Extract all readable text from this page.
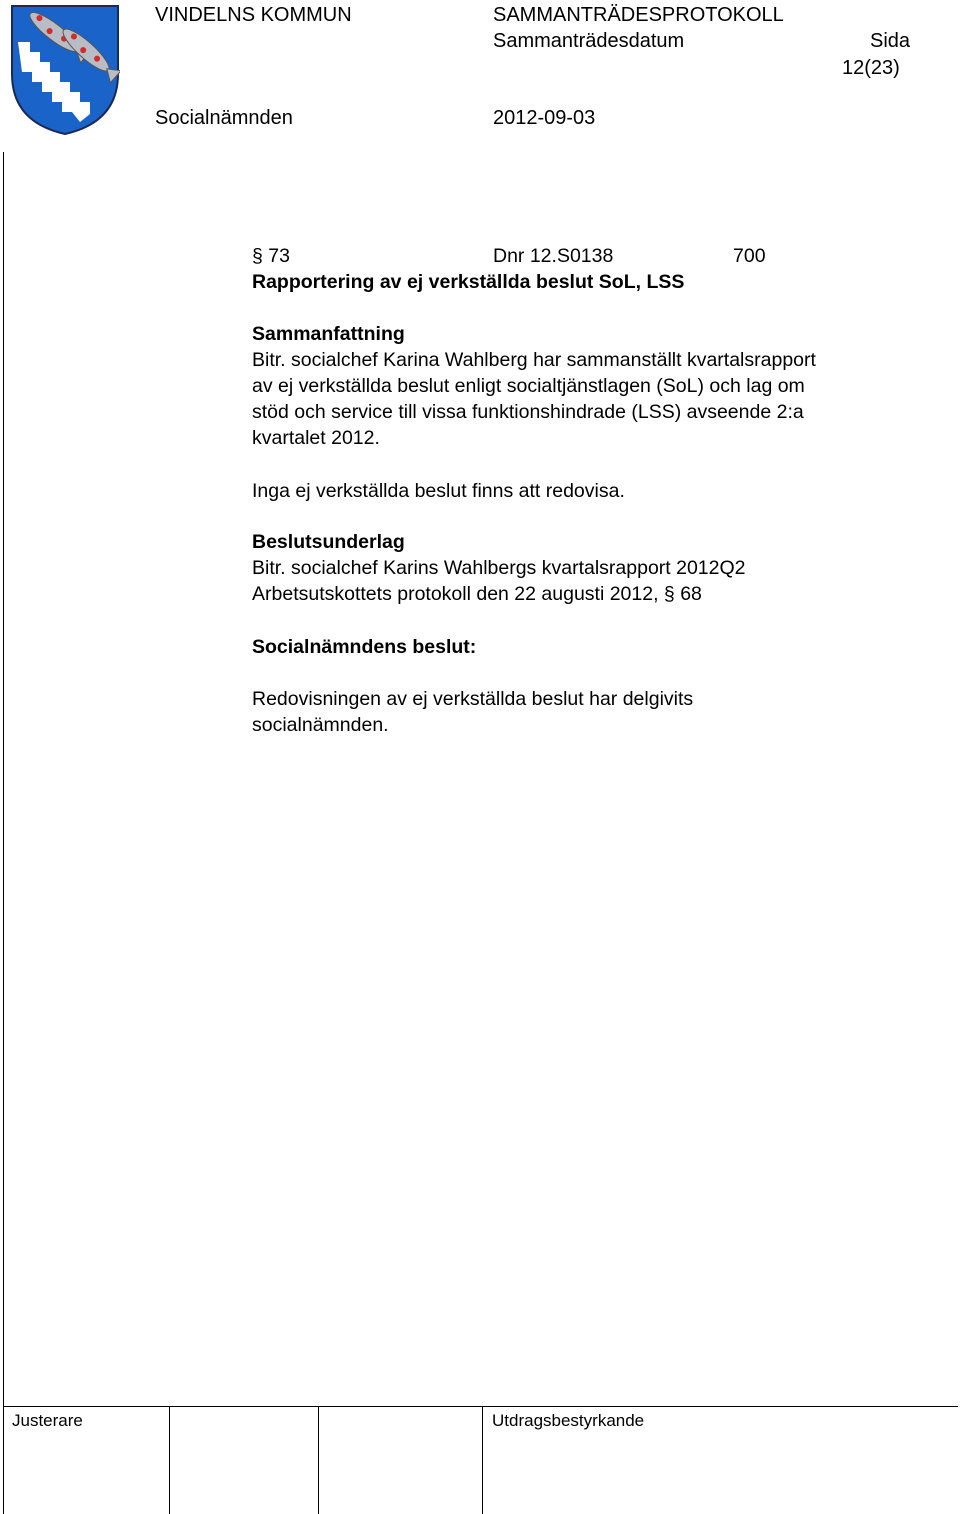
VINDELNS KOMMUN	SAMMANTRÄDESPROTOKOLL
Sammanträdesdatum	Sida
12(23)
Socialnämnden	2012-09-03
§ 73	Dnr 12.S0138	700
Rapportering av ej verkställda beslut SoL, LSS
Sammanfattning
Bitr. socialchef Karina Wahlberg har sammanställt kvartalsrapport
av ej verkställda beslut enligt socialtjänstlagen (SoL) och lag om
stöd och service till vissa funktionshindrade (LSS) avseende 2:a
kvartalet 2012.
Inga ej verkställda beslut finns att redovisa.
Beslutsunderlag
Bitr. socialchef Karins Wahlbergs kvartalsrapport 2012Q2
Arbetsutskottets protokoll den 22 augusti 2012, § 68
Socialnämndens beslut:
Redovisningen av ej verkställda beslut har delgivits
socialnämnden.
Justerare	Utdragsbestyrkande
